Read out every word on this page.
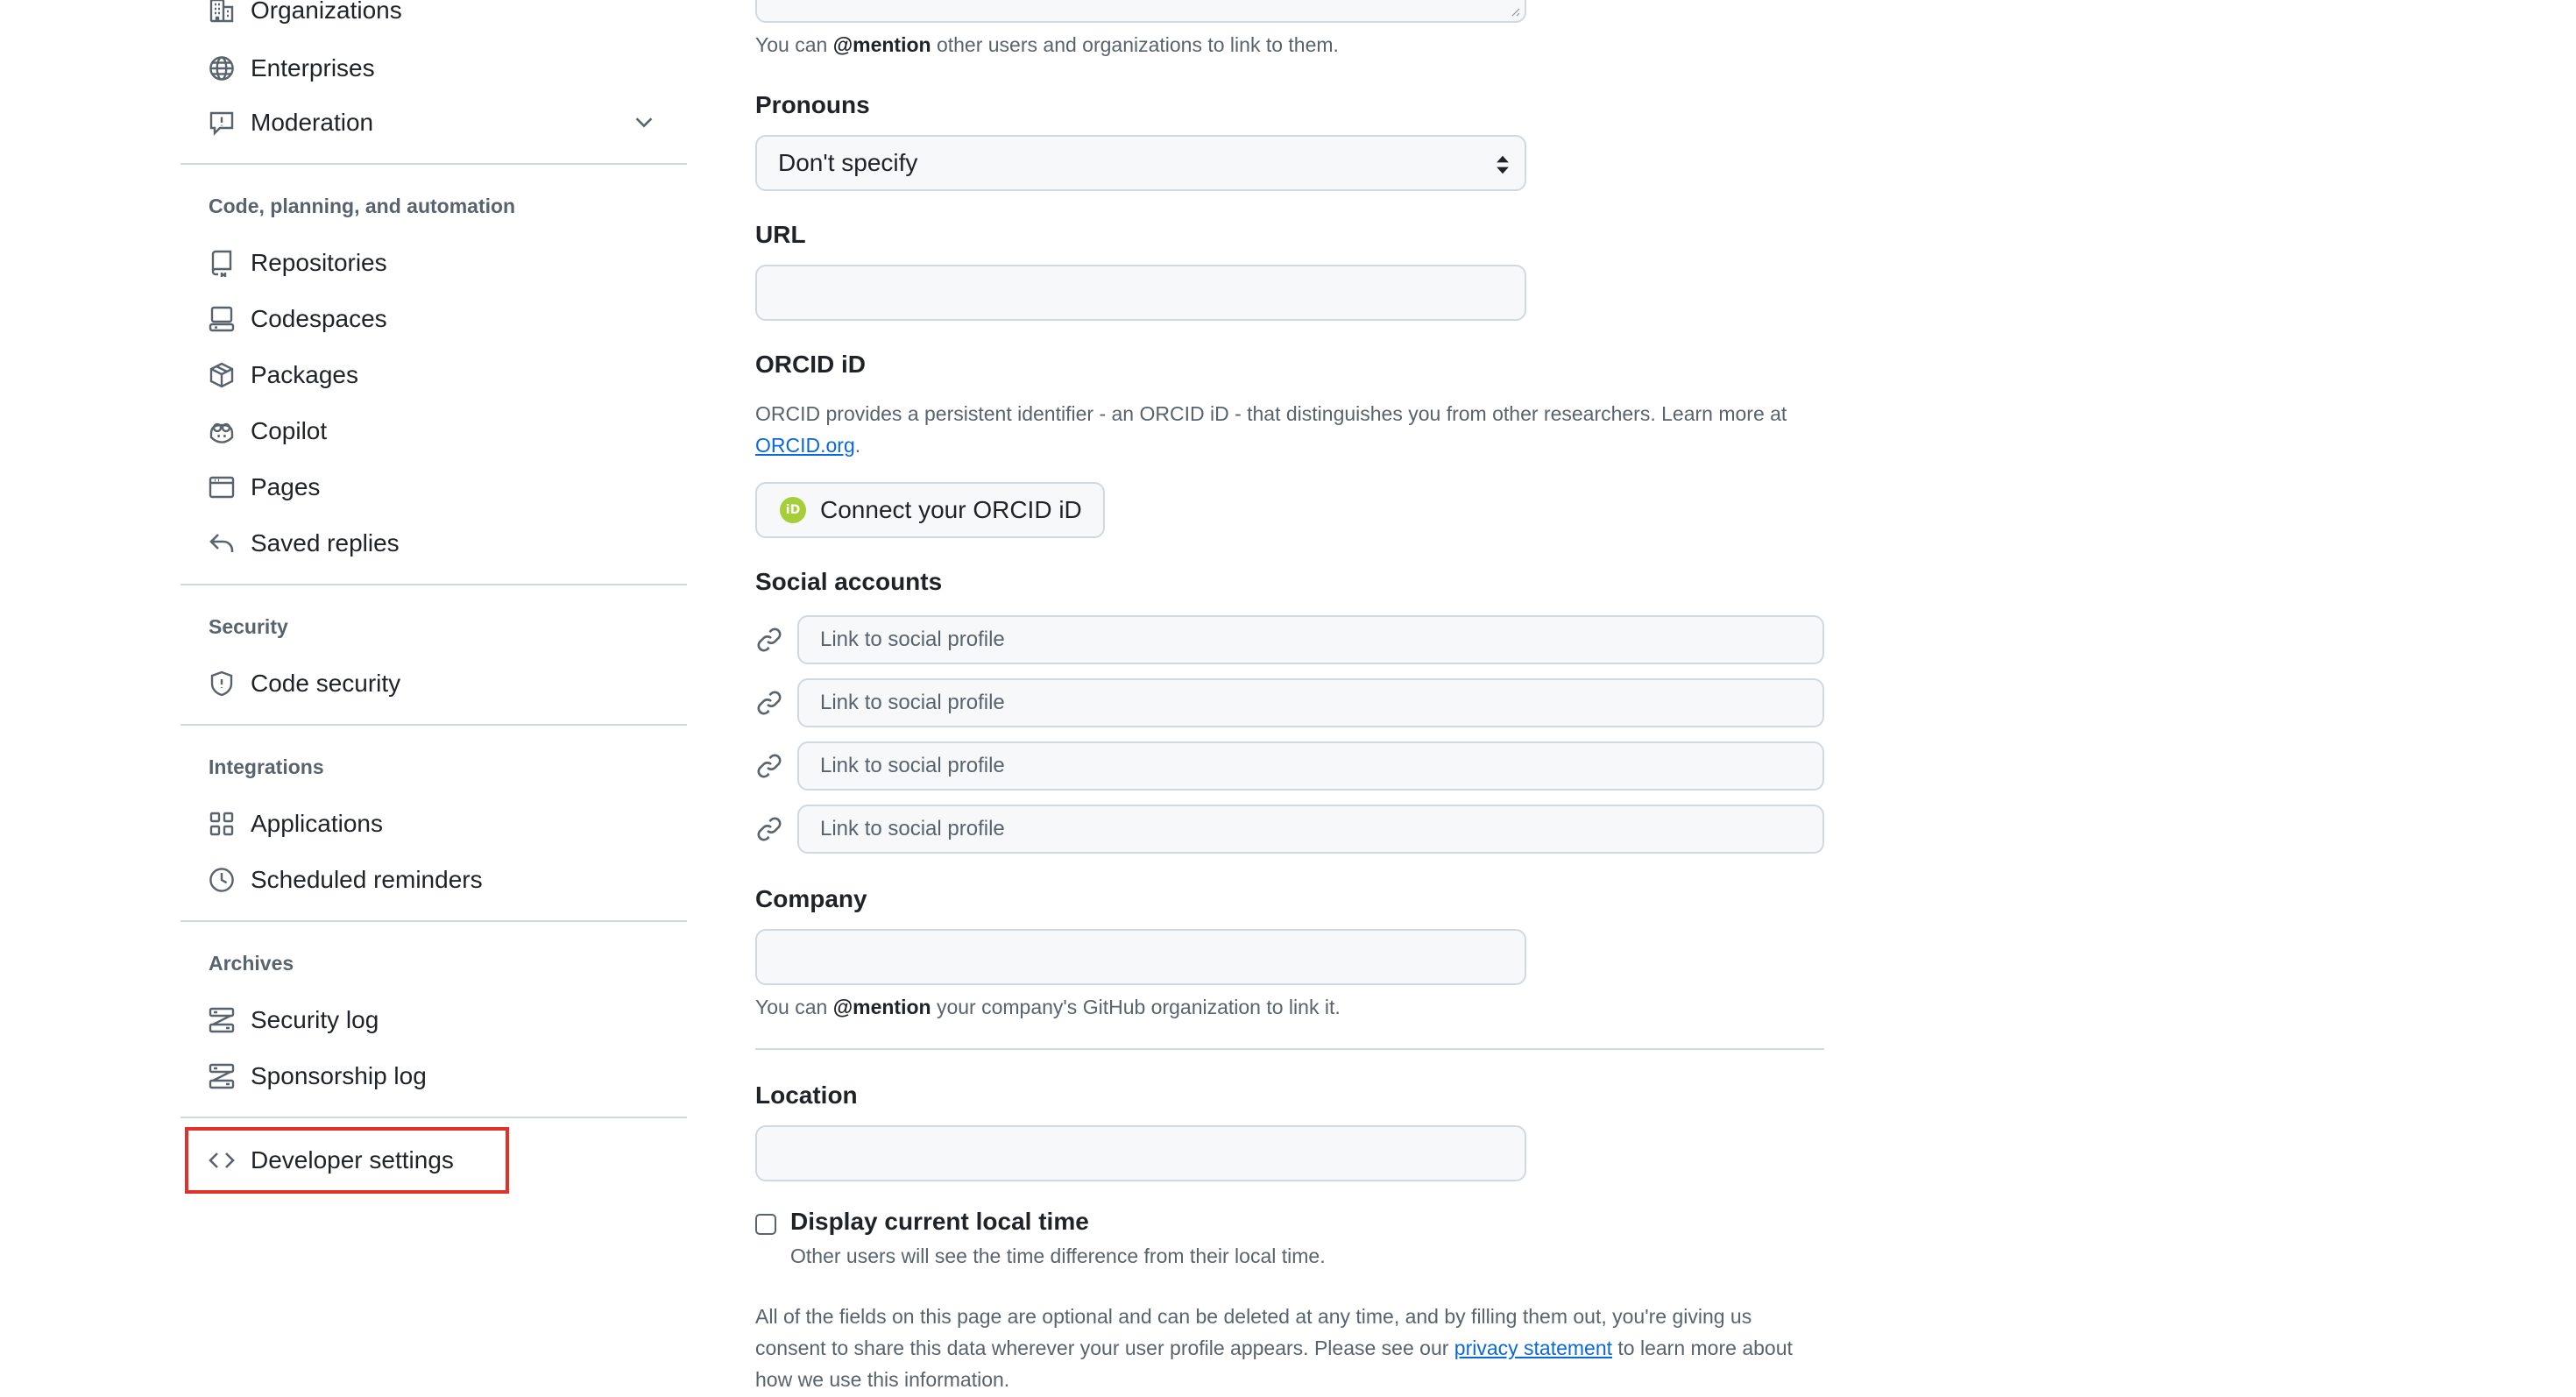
Organizations
Enterprises
Moderation
Code, planning, and automation
Repositories
Codespaces
Packages
Copilot
Pages
Saved replies
Security
Code security
Integrations
Applications
Scheduled reminders
Archives
Security log
Sponsorship log
Developer settings
You can @mention other users and organizations to link to them.
Pronouns
Don't specify
URL
ORCID iD
ORCID provides a persistent identifier - an ORCID iD - that distinguishes you from other researchers. Learn more at ORCID.org.
iD Connect your ORCID iD
Social accounts
Link to social profile
Link to social profile
Link to social profile
Link to social profile
Company
You can @mention your company's GitHub organization to link it.
Location
Display current local time
Other users will see the time difference from their local time.
All of the fields on this page are optional and can be deleted at any time, and by filling them out, you're giving us consent to share this data wherever your user profile appears. Please see our privacy statement to learn more about how we use this information.
